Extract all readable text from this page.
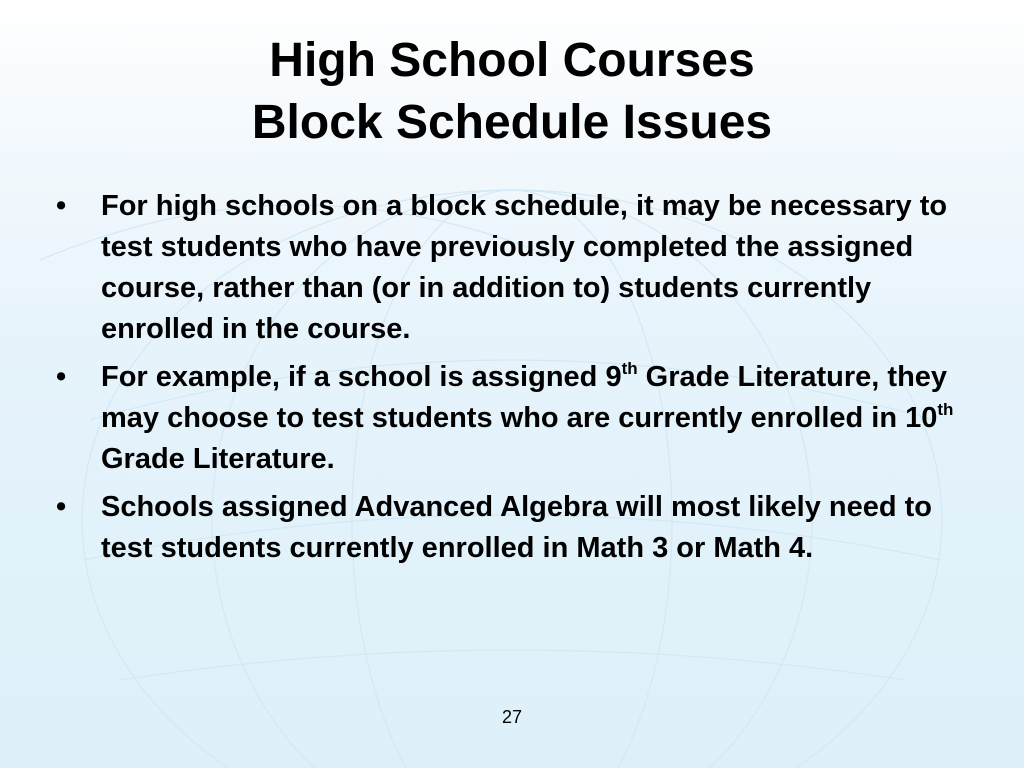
High School Courses
Block Schedule Issues
• For high schools on a block schedule, it may be necessary to test students who have previously completed the assigned course, rather than (or in addition to) students currently enrolled in the course.
• For example, if a school is assigned 9th Grade Literature, they may choose to test students who are currently enrolled in 10th Grade Literature.
• Schools assigned Advanced Algebra will most likely need to test students currently enrolled in Math 3 or Math 4.
27
